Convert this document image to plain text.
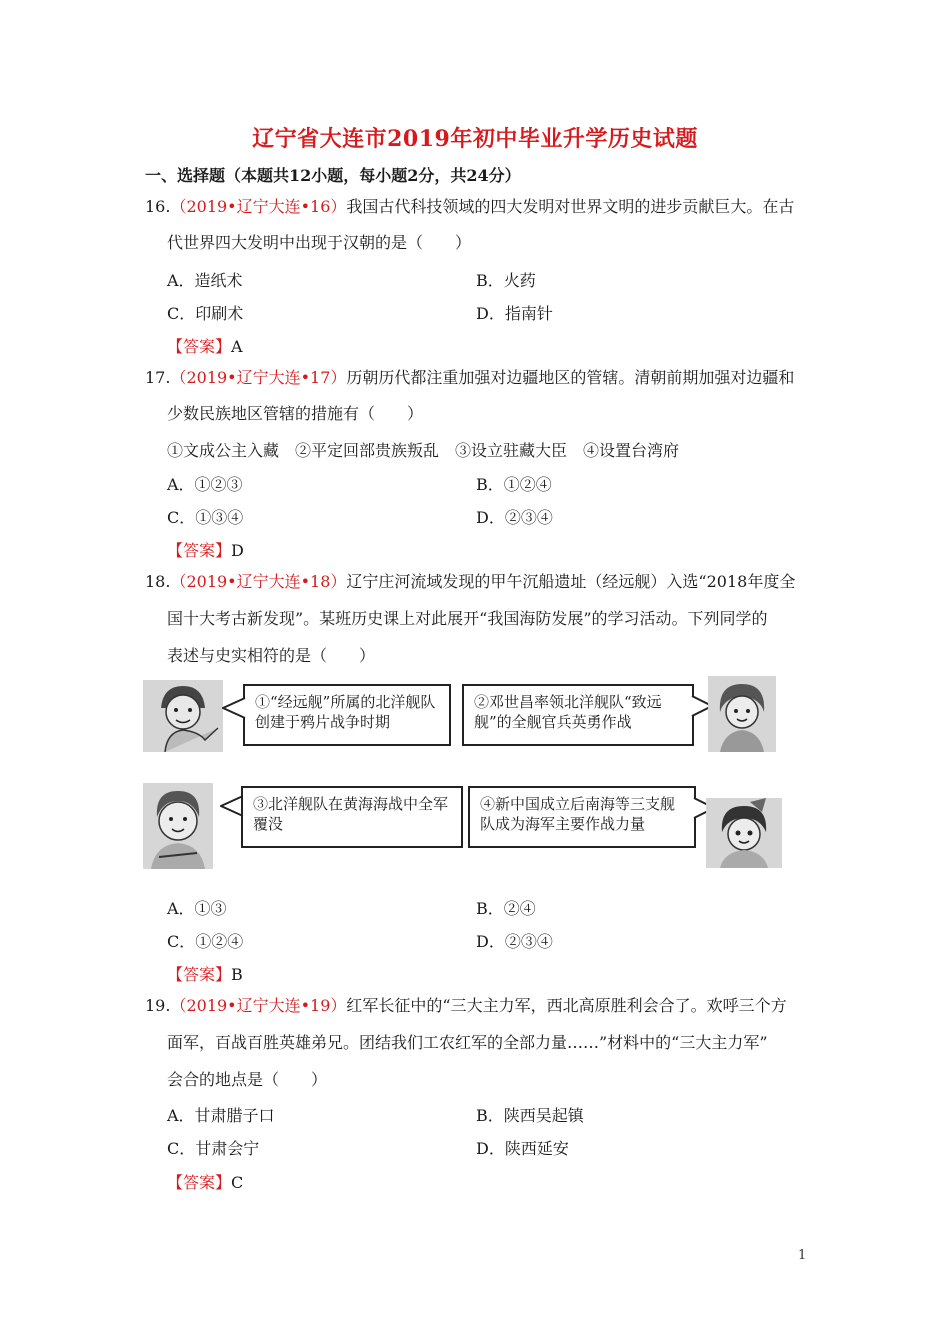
辽宁省大连市2019年初中毕业升学历史试题
一、选择题（本题共12小题，每小题2分，共24分）
16.（2019•辽宁大连•16）我国古代科技领域的四大发明对世界文明的进步贡献巨大。在古
代世界四大发明中出现于汉朝的是（　　）
A．造纸术	B．火药
C．印刷术	D．指南针
【答案】A
17.（2019•辽宁大连•17）历朝历代都注重加强对边疆地区的管辖。清朝前期加强对边疆和
少数民族地区管辖的措施有（　　）
①文成公主入藏　②平定回部贵族叛乱　③设立驻藏大臣　④设置台湾府
A．①②③	B．①②④
C．①③④	D．②③④
【答案】D
18.（2019•辽宁大连•18）辽宁庄河流域发现的甲午沉船遗址（经远舰）入选“2018年度全
国十大考古新发现”。某班历史课上对此展开“我国海防发展”的学习活动。下列同学的
表述与史实相符的是（　　）
①“经远舰”所属的北洋舰队创建于鸦片战争时期
②邓世昌率领北洋舰队“致远舰”的全舰官兵英勇作战
③北洋舰队在黄海海战中全军覆没
④新中国成立后南海等三支舰队成为海军主要作战力量
A．①③	B．②④
C．①②④	D．②③④
【答案】B
19.（2019•辽宁大连•19）红军长征中的“三大主力军，西北高原胜利会合了。欢呼三个方
面军，百战百胜英雄弟兄。团结我们工农红军的全部力量……”材料中的“三大主力军”
会合的地点是（　　）
A．甘肃腊子口	B．陕西吴起镇
C．甘肃会宁	D．陕西延安
【答案】C
1
